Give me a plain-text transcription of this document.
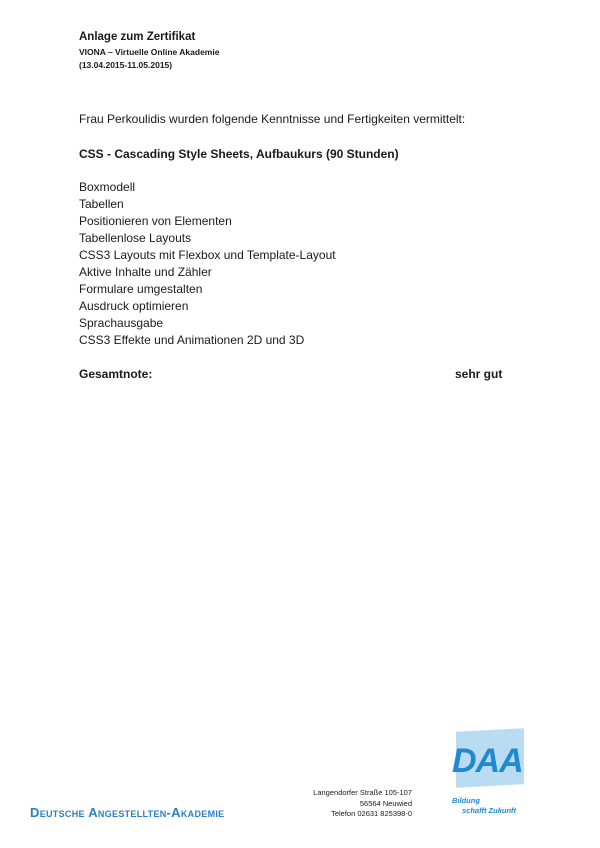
Anlage zum Zertifikat
VIONA – Virtuelle Online Akademie
(13.04.2015-11.05.2015)
Frau Perkoulidis wurden folgende Kenntnisse und Fertigkeiten vermittelt:
CSS - Cascading Style Sheets, Aufbaukurs (90 Stunden)
Boxmodell
Tabellen
Positionieren von Elementen
Tabellenlose Layouts
CSS3 Layouts mit Flexbox und Template-Layout
Aktive Inhalte und Zähler
Formulare umgestalten
Ausdruck optimieren
Sprachausgabe
CSS3 Effekte und Animationen 2D und 3D
Gesamtnote:	sehr gut
Deutsche Angestellten-Akademie
Langendorfer Straße 105-107
56564 Neuwied
Telefon 02631 825398-0
DAA
Bildung
schafft Zukunft
